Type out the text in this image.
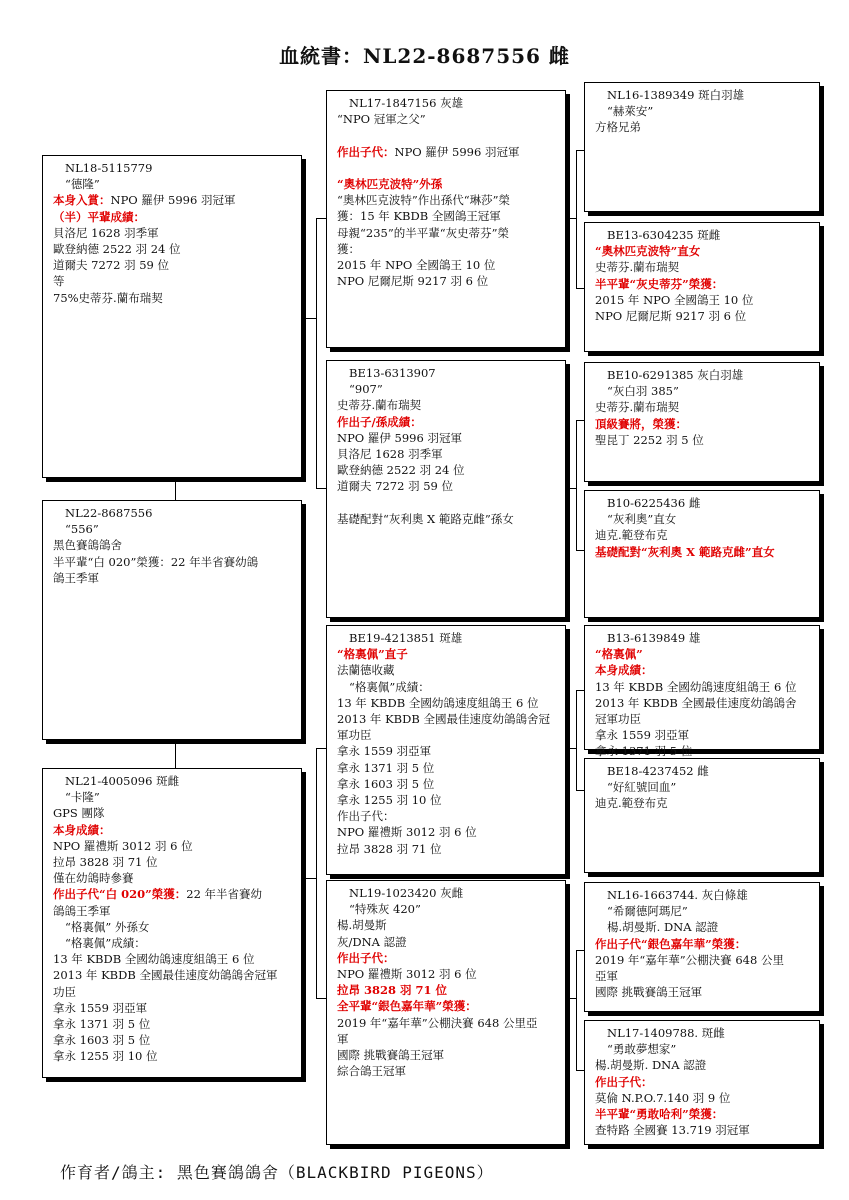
血統書：NL22-8687556 雌
NL18-5115779
“德隆”
本身入賞：NPO 羅伊 5996 羽冠軍
（半）平輩成績：
貝洛尼 1628 羽季軍
歐登納德 2522 羽 24 位
道爾夫 7272 羽 59 位
等
75%史蒂芬.蘭布瑞契
NL22-8687556
“556”
黑色賽鴿鴿舍
半平輩“白 020”榮獲：22 年半省賽幼鴿
鴿王季軍
NL21-4005096 斑雌
“卡隆”
GPS 團隊
本身成績：
NPO 羅禮斯 3012 羽 6 位
拉昂 3828 羽 71 位
僅在幼鴿時參賽
作出子代“白 020”榮獲：22 年半省賽幼
鴿鴿王季軍
“格裏佩” 外孫女
“格裏佩”成績：
13 年 KBDB 全國幼鴿速度組鴿王 6 位
2013 年 KBDB 全國最佳速度幼鴿鴿舍冠軍
功臣
拿永 1559 羽亞軍
拿永 1371 羽 5 位
拿永 1603 羽 5 位
拿永 1255 羽 10 位
NL17-1847156 灰雄
“NPO 冠軍之父”

作出子代：NPO 羅伊 5996 羽冠軍

“奧林匹克波特”外孫
“奧林匹克波特”作出孫代“琳莎”榮
獲：15 年 KBDB 全國鴿王冠軍
母親“235”的半平輩“灰史蒂芬”榮
獲：
2015 年 NPO 全國鴿王 10 位
NPO 尼爾尼斯 9217 羽 6 位
BE13-6313907
“907”
史蒂芬.蘭布瑞契
作出子/孫成績：
NPO 羅伊 5996 羽冠軍
貝洛尼 1628 羽季軍
歐登納德 2522 羽 24 位
道爾夫 7272 羽 59 位

基礎配對“灰利奧 X 範路克雌”孫女
BE19-4213851 斑雄
“格裏佩”直子
法蘭德收藏
“格裏佩”成績：
13 年 KBDB 全國幼鴿速度組鴿王 6 位
2013 年 KBDB 全國最佳速度幼鴿鴿舍冠
軍功臣
拿永 1559 羽亞軍
拿永 1371 羽 5 位
拿永 1603 羽 5 位
拿永 1255 羽 10 位
作出子代：
NPO 羅禮斯 3012 羽 6 位
拉昂 3828 羽 71 位
NL19-1023420 灰雌
“特殊灰 420”
楊.胡曼斯
灰/DNA 認證
作出子代：
NPO 羅禮斯 3012 羽 6 位
拉昂 3828 羽 71 位
全平輩“銀色嘉年華”榮獲：
2019 年“嘉年華”公棚決賽 648 公里亞
軍
國際 挑戰賽鴿王冠軍
綜合鴿王冠軍
NL16-1389349 斑白羽雄
“赫萊安”
方格兄弟
BE13-6304235 斑雌
“奧林匹克波特”直女
史蒂芬.蘭布瑞契
半平輩“灰史蒂芬”榮獲：
2015 年 NPO 全國鴿王 10 位
NPO 尼爾尼斯 9217 羽 6 位
BE10-6291385 灰白羽雄
“灰白羽 385”
史蒂芬.蘭布瑞契
頂級賽將，榮獲：
聖昆丁 2252 羽 5 位
B10-6225436 雌
“灰利奧”直女
迪克.範登布克
基礎配對“灰利奧 X 範路克雌”直女
B13-6139849 雄
“格裏佩”
本身成績：
13 年 KBDB 全國幼鴿速度組鴿王 6 位
2013 年 KBDB 全國最佳速度幼鴿鴿舍
冠軍功臣
拿永 1559 羽亞軍
拿永 1371 羽 5 位
BE18-4237452 雌
“好紅號回血”
迪克.範登布克
NL16-1663744. 灰白條雄
“希爾德阿瑪尼”
楊.胡曼斯. DNA 認證
作出子代“銀色嘉年華”榮獲：
2019 年“嘉年華”公棚決賽 648 公里
亞軍
國際 挑戰賽鴿王冠軍
NL17-1409788. 斑雌
“勇敢夢想家”
楊.胡曼斯. DNA 認證
作出子代：
莫倫 N.P.O.7.140 羽 9 位
半平輩“勇敢哈利”榮獲：
查特路 全國賽 13.719 羽冠軍
作育者/鴿主: 黑色賽鴿鴿舍（BLACKBIRD PIGEONS）
